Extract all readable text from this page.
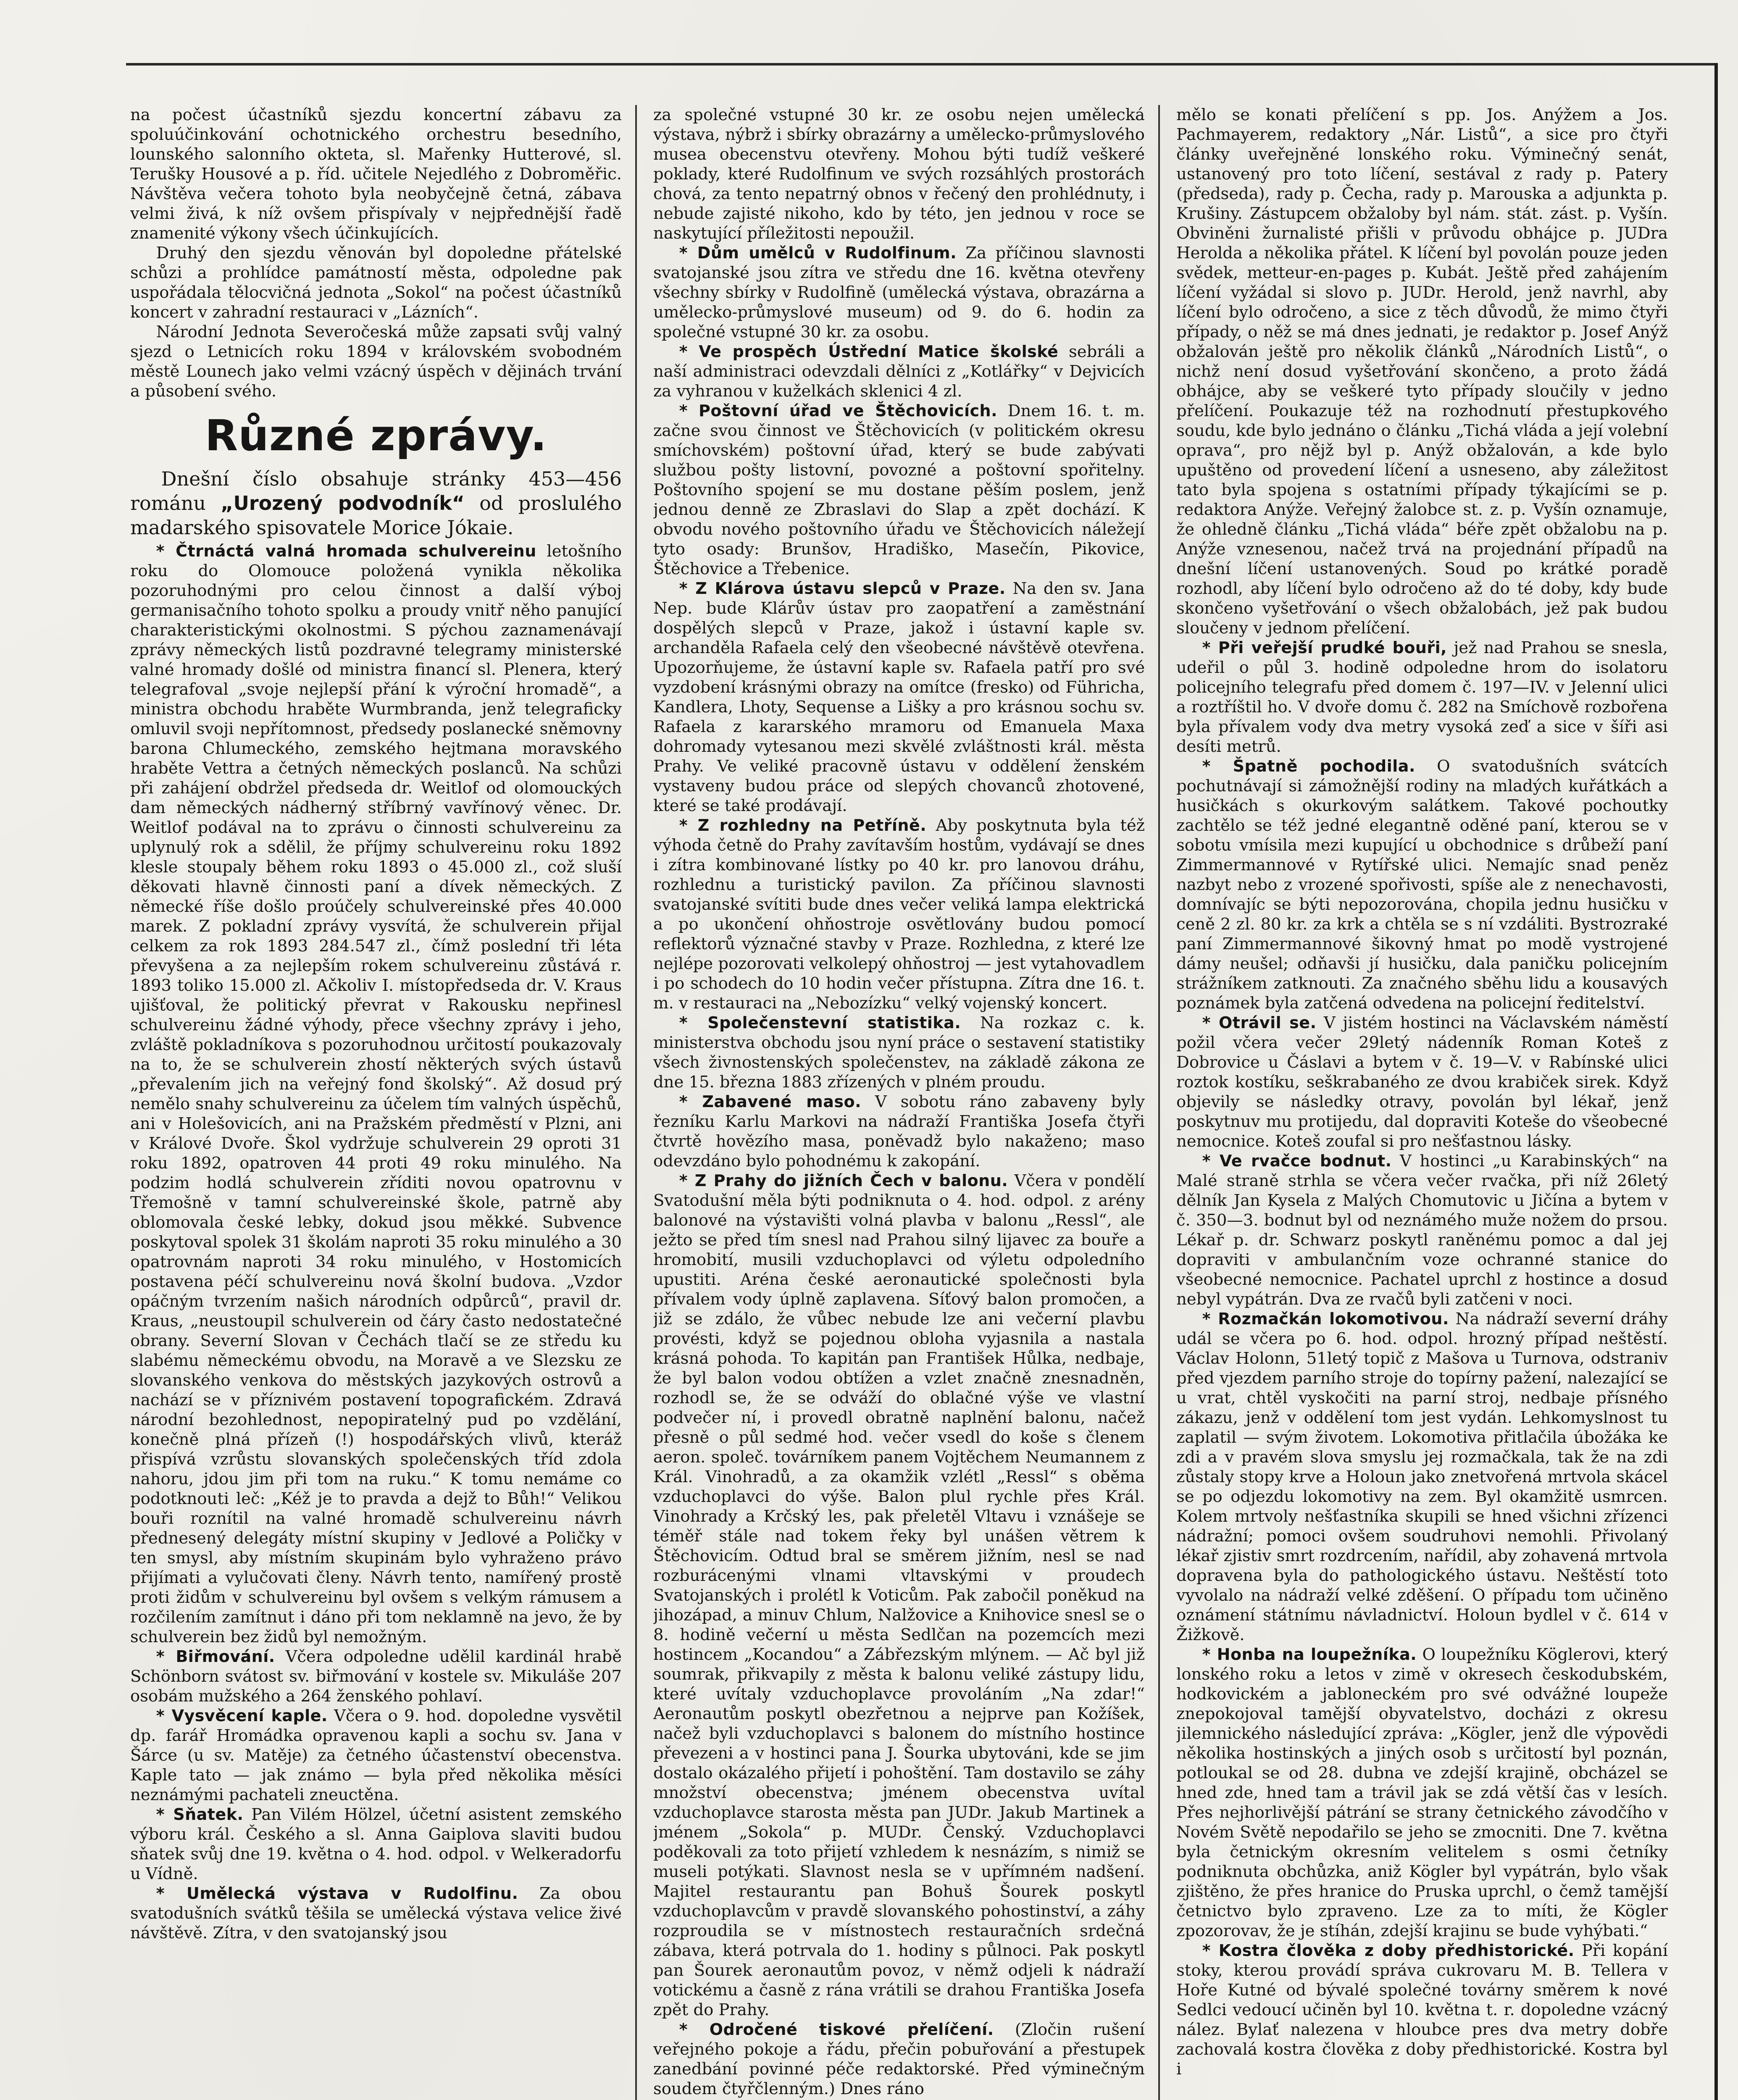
na počest účastníků sjezdu koncertní zábavu za spoluúčinkování ochotnického orchestru besedního, lounského salonního okteta, sl. Mařenky Hutterové, sl. Terušky Housové a p. říd. učitele Nejedlého z Dobroměřic. Návštěva večera tohoto byla neobyčejně četná, zábava velmi živá, k níž ovšem přispívaly v nejpřednější řadě znamenité výkony všech účinkujících.

Druhý den sjezdu věnován byl dopoledne přátelské schůzi a prohlídce památností města, odpoledne pak uspořádala tělocvičná jednota „Sokol“ na počest účastníků koncert v zahradní restauraci v „Lázních“.

Národní Jednota Severočeská může zapsati svůj valný sjezd o Letnicích roku 1894 v královském svobodném městě Lounech jako velmi vzácný úspěch v dějinách trvání a působení svého.

Různé zprávy.

Dnešní číslo obsahuje stránky 453—456 románu „Urozený podvodník“ od proslulého madarského spisovatele Morice Jókaie.

* Čtrnáctá valná hromada schulvereinu letošního roku do Olomouce položená vynikla několika pozoruhodnými pro celou činnost a další výboj germanisačního tohoto spolku a proudy vnitř něho panující charakteristickými okolnostmi. S pýchou zaznamenávají zprávy německých listů pozdravné telegramy ministerské valné hromady došlé od ministra financí sl. Plenera, který telegrafoval „svoje nejlepší přání k výroční hromadě“, a ministra obchodu hraběte Wurmbranda, jenž telegraficky omluvil svoji nepřítomnost, předsedy poslanecké sněmovny barona Chlumeckého, zemského hejtmana moravského hraběte Vettra a četných německých poslanců. Na schůzi při zahájení obdržel předseda dr. Weitlof od olomouckých dam německých nádherný stříbrný vavřínový věnec. Dr. Weitlof podával na to zprávu o činnosti schulvereinu za uplynulý rok a sdělil, že příjmy schulvereinu roku 1892 klesle stoupaly během roku 1893 o 45.000 zl., což sluší děkovati hlavně činnosti paní a dívek německých. Z německé říše došlo proúčely schulvereinské přes 40.000 marek. Z pokladní zprávy vysvítá, že schulverein přijal celkem za rok 1893 284.547 zl., čímž poslední tři léta převyšena a za nejlepším rokem schulvereinu zůstává r. 1893 toliko 15.000 zl. Ačkoliv I. místopředseda dr. V. Kraus ujišťoval, že politický převrat v Rakousku nepřinesl schulvereinu žádné výhody, přece všechny zprávy i jeho, zvláště pokladníkova s pozoruhodnou určitostí poukazovaly na to, že se schulverein zhostí některých svých ústavů „převalením jich na veřejný fond školský“. Až dosud prý nemělo snahy schulvereinu za účelem tím valných úspěchů, ani v Holešovicích, ani na Pražském předměstí v Plzni, ani v Králové Dvoře. Škol vydržuje schulverein 29 oproti 31 roku 1892, opatroven 44 proti 49 roku minulého. Na podzim hodlá schulverein zříditi novou opatrovnu v Třemošně v tamní schulvereinské škole, patrně aby oblomovala české lebky, dokud jsou měkké. Subvence poskytoval spolek 31 školám naproti 35 roku minulého a 30 opatrovnám naproti 34 roku minulého, v Hostomicích postavena péčí schulvereinu nová školní budova. „Vzdor opáčným tvrzením našich národních odpůrců“, pravil dr. Kraus, „neustoupil schulverein od čáry často nedostatečné obrany. Severní Slovan v Čechách tlačí se ze středu ku slabému německému obvodu, na Moravě a ve Slezsku ze slovanského venkova do městských jazykových ostrovů a nachází se v příznivém postavení topografickém. Zdravá národní bezohlednost, nepopiratelný pud po vzdělání, konečně plná přízeň (!) hospodářských vlivů, kteráž přispívá vzrůstu slovanských společenských tříd zdola nahoru, jdou jim při tom na ruku.“ K tomu nemáme co podotknouti leč: „Kéž je to pravda a dejž to Bůh!“ Velikou bouři roznítil na valné hromadě schulvereinu návrh přednesený delegáty místní skupiny v Jedlové a Poličky v ten smysl, aby místním skupinám bylo vyhraženo právo přijímati a vylučovati členy. Návrh tento, namířený prostě proti židům v schulvereinu byl ovšem s velkým rámusem a rozčilením zamítnut i dáno při tom neklamně na jevo, že by schulverein bez židů byl nemožným.

* Biřmování. Včera odpoledne udělil kardinál hrabě Schönborn svátost sv. biřmování v kostele sv. Mikuláše 207 osobám mužského a 264 ženského pohlaví.

* Vysvěcení kaple. Včera o 9. hod. dopoledne vysvětil dp. farář Hromádka opravenou kapli a sochu sv. Jana v Šárce (u sv. Matěje) za četného účastenství obecenstva. Kaple tato — jak známo — byla před několika měsíci neznámými pachateli zneuctěna.

* Sňatek. Pan Vilém Hölzel, účetní asistent zemského výboru král. Českého a sl. Anna Gaiplova slaviti budou sňatek svůj dne 19. května o 4. hod. odpol. v Welkeradorfu u Vídně.

* Umělecká výstava v Rudolfinu. Za obou svatodušních svátků těšila se umělecká výstava velice živé návštěvě. Zítra, v den svatojanský jsou

za společné vstupné 30 kr. ze osobu nejen umělecká výstava, nýbrž i sbírky obrazárny a umělecko-průmyslového musea obecenstvu otevřeny. Mohou býti tudíž veškeré poklady, které Rudolfinum ve svých rozsáhlých prostorách chová, za tento nepatrný obnos v řečený den prohlédnuty, i nebude zajisté nikoho, kdo by této, jen jednou v roce se naskytující příležitosti nepoužil.

* Dům umělců v Rudolfinum. Za příčinou slavnosti svatojanské jsou zítra ve středu dne 16. května otevřeny všechny sbírky v Rudolfině (umělecká výstava, obrazárna a umělecko-průmyslové museum) od 9. do 6. hodin za společné vstupné 30 kr. za osobu.

* Ve prospěch Ústřední Matice školské sebráli a naší administraci odevzdali dělníci z „Kotlářky“ v Dejvicích za vyhranou v kuželkách sklenici 4 zl.

* Poštovní úřad ve Štěchovicích. Dnem 16. t. m. začne svou činnost ve Štěchovicích (v politickém okresu smíchovském) poštovní úřad, který se bude zabývati službou pošty listovní, povozné a poštovní spořitelny. Poštovního spojení se mu dostane pěším poslem, jenž jednou denně ze Zbraslavi do Slap a zpět dochází. K obvodu nového poštovního úřadu ve Štěchovicích náležejí tyto osady: Brunšov, Hradiško, Masečín, Pikovice, Štěchovice a Třebenice.

* Z Klárova ústavu slepců v Praze. Na den sv. Jana Nep. bude Klárův ústav pro zaopatření a zaměstnání dospělých slepců v Praze, jakož i ústavní kaple sv. archanděla Rafaela celý den všeobecné návštěvě otevřena. Upozorňujeme, že ústavní kaple sv. Rafaela patří pro své vyzdobení krásnými obrazy na omítce (fresko) od Führicha, Kandlera, Lhoty, Sequense a Lišky a pro krásnou sochu sv. Rafaela z kararského mramoru od Emanuela Maxa dohromady vytesanou mezi skvělé zvláštnosti král. města Prahy. Ve veliké pracovně ústavu v oddělení ženském vystaveny budou práce od slepých chovanců zhotovené, které se také prodávají.

* Z rozhledny na Petříně. Aby poskytnuta byla též výhoda četně do Prahy zavítavším hostům, vydávají se dnes i zítra kombinované lístky po 40 kr. pro lanovou dráhu, rozhlednu a turistický pavilon. Za příčinou slavnosti svatojanské svítiti bude dnes večer veliká lampa elektrická a po ukončení ohňostroje osvětlovány budou pomocí reflektorů význačné stavby v Praze. Rozhledna, z které lze nejlépe pozorovati velkolepý ohňostroj — jest vytahovadlem i po schodech do 10 hodin večer přístupna. Zítra dne 16. t. m. v restauraci na „Nebozízku“ velký vojenský koncert.

* Společenstevní statistika. Na rozkaz c. k. ministerstva obchodu jsou nyní práce o sestavení statistiky všech živnostenských společenstev, na základě zákona ze dne 15. března 1883 zřízených v plném proudu.

* Zabavené maso. V sobotu ráno zabaveny byly řezníku Karlu Markovi na nádraží Františka Josefa čtyři čtvrtě hovězího masa, poněvadž bylo nakaženo; maso odevzdáno bylo pohodnému k zakopání.

* Z Prahy do jižních Čech v balonu. Včera v pondělí Svatodušní měla býti podniknuta o 4. hod. odpol. z arény balonové na výstavišti volná plavba v balonu „Ressl“, ale ježto se před tím snesl nad Prahou silný lijavec za bouře a hromobití, musili vzduchoplavci od výletu odpoledního upustiti. Aréna české aeronautické společnosti byla přívalem vody úplně zaplavena. Síťový balon promočen, a již se zdálo, že vůbec nebude lze ani večerní plavbu provésti, když se pojednou obloha vyjasnila a nastala krásná pohoda. To kapitán pan František Hůlka, nedbaje, že byl balon vodou obtížen a vzlet značně znesnadněn, rozhodl se, že se odváží do oblačné výše ve vlastní podvečer ní, i provedl obratně naplnění balonu, načež přesně o půl sedmé hod. večer vsedl do koše s členem aeron. společ. továrníkem panem Vojtěchem Neumannem z Král. Vinohradů, a za okamžik vzlétl „Ressl“ s oběma vzduchoplavci do výše. Balon plul rychle přes Král. Vinohrady a Krčský les, pak přeletěl Vltavu i vznášeje se téměř stále nad tokem řeky byl unášen větrem k Štěchovicím. Odtud bral se směrem jižním, nesl se nad rozburácenými vlnami vltavskými v proudech Svatojanských i prolétl k Voticům. Pak zabočil poněkud na jihozápad, a minuv Chlum, Nalžovice a Knihovice snesl se o 8. hodině večerní u města Sedlčan na pozemcích mezi hostincem „Kocandou“ a Zábřezským mlýnem. — Ač byl již soumrak, přikvapily z města k balonu veliké zástupy lidu, které uvítaly vzduchoplavce provoláním „Na zdar!“ Aeronautům poskytl obezřetnou a nejprve pan Kožíšek, načež byli vzduchoplavci s balonem do místního hostince převezeni a v hostinci pana J. Šourka ubytováni, kde se jim dostalo okázalého přijetí i pohoštění. Tam dostavilo se záhy množství obecenstva; jménem obecenstva uvítal vzduchoplavce starosta města pan JUDr. Jakub Martinek a jménem „Sokola“ p. MUDr. Čenský. Vzduchoplavci poděkovali za toto přijetí vzhledem k nesnázím, s nimiž se museli potýkati. Slavnost nesla se v upřímném nadšení. Majitel restaurantu pan Bohuš Šourek poskytl vzduchoplavcům v pravdě slovanského pohostinství, a záhy rozproudila se v místnostech restauračních srdečná zábava, která potrvala do 1. hodiny s půlnoci. Pak poskytl pan Šourek aeronautům povoz, v němž odjeli k nádraží votickému a časně z rána vrátili se drahou Františka Josefa zpět do Prahy.

* Odročené tiskové přelíčení. (Zločin rušení veřejného pokoje a řádu, přečin pobuřování a přestupek zanedbání povinné péče redaktorské. Před výminečným soudem čtyřčlenným.) Dnes ráno

mělo se konati přelíčení s pp. Jos. Anýžem a Jos. Pachmayerem, redaktory „Nár. Listů“, a sice pro čtyři články uveřejněné lonského roku. Výminečný senát, ustanovený pro toto líčení, sestával z rady p. Patery (předseda), rady p. Čecha, rady p. Marouska a adjunkta p. Krušiny. Zástupcem obžaloby byl nám. stát. zást. p. Vyšín. Obviněni žurnalisté přišli v průvodu obhájce p. JUDra Herolda a několika přátel. K líčení byl povolán pouze jeden svědek, metteur-en-pages p. Kubát. Ještě před zahájením líčení vyžádal si slovo p. JUDr. Herold, jenž navrhl, aby líčení bylo odročeno, a sice z těch důvodů, že mimo čtyři případy, o něž se má dnes jednati, je redaktor p. Josef Anýž obžalován ještě pro několik článků „Národních Listů“, o nichž není dosud vyšetřování skončeno, a proto žádá obhájce, aby se veškeré tyto případy sloučily v jedno přelíčení. Poukazuje též na rozhodnutí přestupkového soudu, kde bylo jednáno o článku „Tichá vláda a její volební oprava“, pro nějž byl p. Anýž obžalován, a kde bylo upuštěno od provedení líčení a usneseno, aby záležitost tato byla spojena s ostatními případy týkajícími se p. redaktora Anýže. Veřejný žalobce st. z. p. Vyšín oznamuje, že ohledně článku „Tichá vláda“ béře zpět obžalobu na p. Anýže vznesenou, načež trvá na projednání případů na dnešní líčení ustanovených. Soud po krátké poradě rozhodl, aby líčení bylo odročeno až do té doby, kdy bude skončeno vyšetřování o všech obžalobách, jež pak budou sloučeny v jednom přelíčení.

* Při veřejší prudké bouři, jež nad Prahou se snesla, udeřil o půl 3. hodině odpoledne hrom do isolatoru policejního telegrafu před domem č. 197—IV. v Jelenní ulici a roztříštil ho. V dvoře domu č. 282 na Smíchově rozbořena byla přívalem vody dva metry vysoká zeď a sice v šíři asi desíti metrů.

* Špatně pochodila. O svatodušních svátcích pochutnávají si zámožnější rodiny na mladých kuřátkách a husičkách s okurkovým salátkem. Takové pochoutky zachtělo se též jedné elegantně oděné paní, kterou se v sobotu vmísila mezi kupující u obchodnice s drůbeží paní Zimmermannové v Rytířské ulici. Nemajíc snad peněz nazbyt nebo z vrozené spořivosti, spíše ale z nenechavosti, domnívajíc se býti nepozorována, chopila jednu husičku v ceně 2 zl. 80 kr. za krk a chtěla se s ní vzdáliti. Bystrozraké paní Zimmermannové šikovný hmat po modě vystrojené dámy neušel; odňavši jí husičku, dala paničku policejním strážníkem zatknouti. Za značného sběhu lidu a kousavých poznámek byla zatčená odvedena na policejní ředitelství.

* Otrávil se. V jistém hostinci na Václavském náměstí požil včera večer 29letý nádenník Roman Koteš z Dobrovice u Čáslavi a bytem v č. 19—V. v Rabínské ulici roztok kostíku, seškrabaného ze dvou krabiček sirek. Když objevily se následky otravy, povolán byl lékař, jenž poskytnuv mu protijedu, dal dopraviti Koteše do všeobecné nemocnice. Koteš zoufal si pro nešťastnou lásky.

* Ve rvačce bodnut. V hostinci „u Karabinských“ na Malé straně strhla se včera večer rvačka, při níž 26letý dělník Jan Kysela z Malých Chomutovic u Jičína a bytem v č. 350—3. bodnut byl od neznámého muže nožem do prsou. Lékař p. dr. Schwarz poskytl raněnému pomoc a dal jej dopraviti v ambulančním voze ochranné stanice do všeobecné nemocnice. Pachatel uprchl z hostince a dosud nebyl vypátrán. Dva ze rvačů byli zatčeni v noci.

* Rozmačkán lokomotivou. Na nádraží severní dráhy udál se včera po 6. hod. odpol. hrozný případ neštěstí. Václav Holonn, 51letý topič z Mašova u Turnova, odstraniv před vjezdem parního stroje do topírny pažení, nalezající se u vrat, chtěl vyskočiti na parní stroj, nedbaje přísného zákazu, jenž v oddělení tom jest vydán. Lehkomyslnost tu zaplatil — svým životem. Lokomotiva přitlačila úbožáka ke zdi a v pravém slova smyslu jej rozmačkala, tak že na zdi zůstaly stopy krve a Holoun jako znetvořená mrtvola skácel se po odjezdu lokomotivy na zem. Byl okamžitě usmrcen. Kolem mrtvoly nešťastníka skupili se hned všichni zřízenci nádražní; pomoci ovšem soudruhovi nemohli. Přivolaný lékař zjistiv smrt rozdrcením, nařídil, aby zohavená mrtvola dopravena byla do pathologického ústavu. Neštěstí toto vyvolalo na nádraží velké zděšení. O případu tom učiněno oznámení státnímu návladnictví. Holoun bydlel v č. 614 v Žižkově.

* Honba na loupežníka. O loupežníku Köglerovi, který lonského roku a letos v zimě v okresech českodubském, hodkovickém a jabloneckém pro své odvážné loupeže znepokojoval tamější obyvatelstvo, docházi z okresu jilemnického následující zpráva: „Kögler, jenž dle výpovědi několika hostinských a jiných osob s určitostí byl poznán, potloukal se od 28. dubna ve zdejší krajině, obcházel se hned zde, hned tam a trávil jak se zdá větší čas v lesích. Přes nejhorlivější pátrání se strany četnického závodčího v Novém Světě nepodařilo se jeho se zmocniti. Dne 7. května byla četnickým okresním velitelem s osmi četníky podniknuta obchůzka, aniž Kögler byl vypátrán, bylo však zjištěno, že přes hranice do Pruska uprchl, o čemž tamější četnictvo bylo zpraveno. Lze za to míti, že Kögler zpozorovav, že je stíhán, zdejší krajinu se bude vyhýbati.“

* Kostra člověka z doby předhistorické. Při kopání stoky, kterou provádí správa cukrovaru M. B. Tellera v Hoře Kutné od bývalé společné továrny směrem k nové Sedlci vedoucí učiněn byl 10. května t. r. dopoledne vzácný nález. Bylať nalezena v hloubce pres dva metry dobře zachovalá kostra člověka z doby předhistorické. Kostra byl i
